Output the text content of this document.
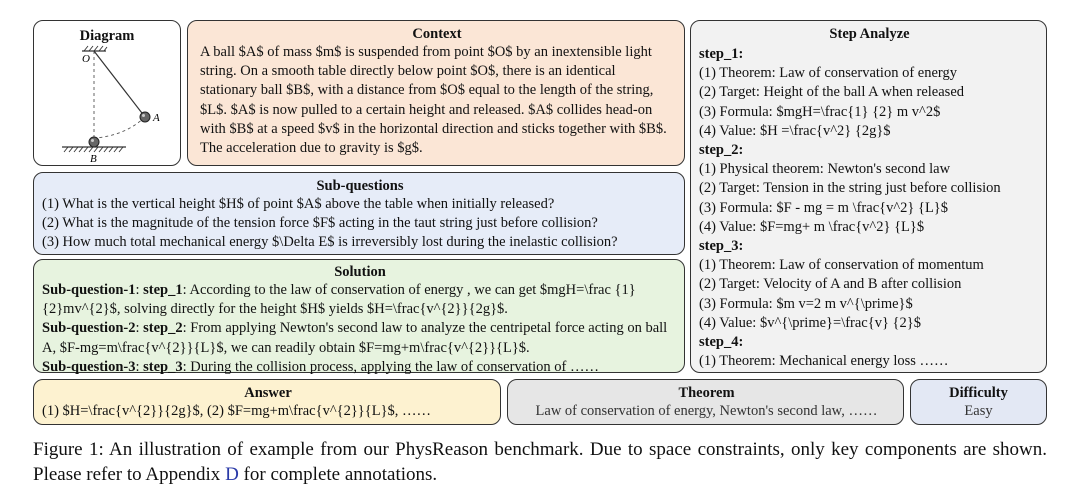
Diagram
O
A
B
Context
A ball $A$ of mass $m$ is suspended from point $O$ by an inextensible light string. On a smooth table directly below point $O$, there is an identical stationary ball $B$, with a distance from $O$ equal to the length of the string, $L$. $A$ is now pulled to a certain height and released. $A$ collides head-on with $B$ at a speed $v$ in the horizontal direction and sticks together with $B$. The acceleration due to gravity is $g$.
Sub-questions
(1) What is the vertical height $H$ of point $A$ above the table when initially released?
(2) What is the magnitude of the tension force $F$ acting in the taut string just before collision?
(3) How much total mechanical energy $\Delta E$ is irreversibly lost during the inelastic collision?
Solution
Sub-question-1: step_1: According to the law of conservation of energy , we can get $mgH=\frac {1}{2}mv^{2}$, solving directly for the height $H$ yields $H=\frac{v^{2}}{2g}$.
Sub-question-2: step_2: From applying Newton's second law to analyze the centripetal force acting on ball A, $F-mg=m\frac{v^{2}}{L}$, we can readily obtain $F=mg+m\frac{v^{2}}{L}$.
Sub-question-3: step_3: During the collision process, applying the law of conservation of ……
Step Analyze
step_1:
(1) Theorem: Law of conservation of energy
(2) Target: Height of the ball A when released
(3) Formula: $mgH=\frac{1} {2} m v^2$
(4) Value: $H =\frac{v^2} {2g}$
step_2:
(1) Physical theorem: Newton's second law
(2) Target: Tension in the string just before collision
(3) Formula: $F - mg = m \frac{v^2} {L}$
(4) Value: $F=mg+ m \frac{v^2} {L}$
step_3:
(1) Theorem: Law of conservation of momentum
(2) Target: Velocity of A and B after collision
(3) Formula: $m v=2 m v^{\prime}$
(4) Value: $v^{\prime}=\frac{v} {2}$
step_4:
(1) Theorem: Mechanical energy loss ……
Answer
(1) $H=\frac{v^{2}}{2g}$, (2) $F=mg+m\frac{v^{2}}{L}$, ……
Theorem
Law of conservation of energy, Newton's second law, ……
Difficulty
Easy
Figure 1: An illustration of example from our PhysReason benchmark. Due to space constraints, only key components are shown. Please refer to Appendix D for complete annotations.
